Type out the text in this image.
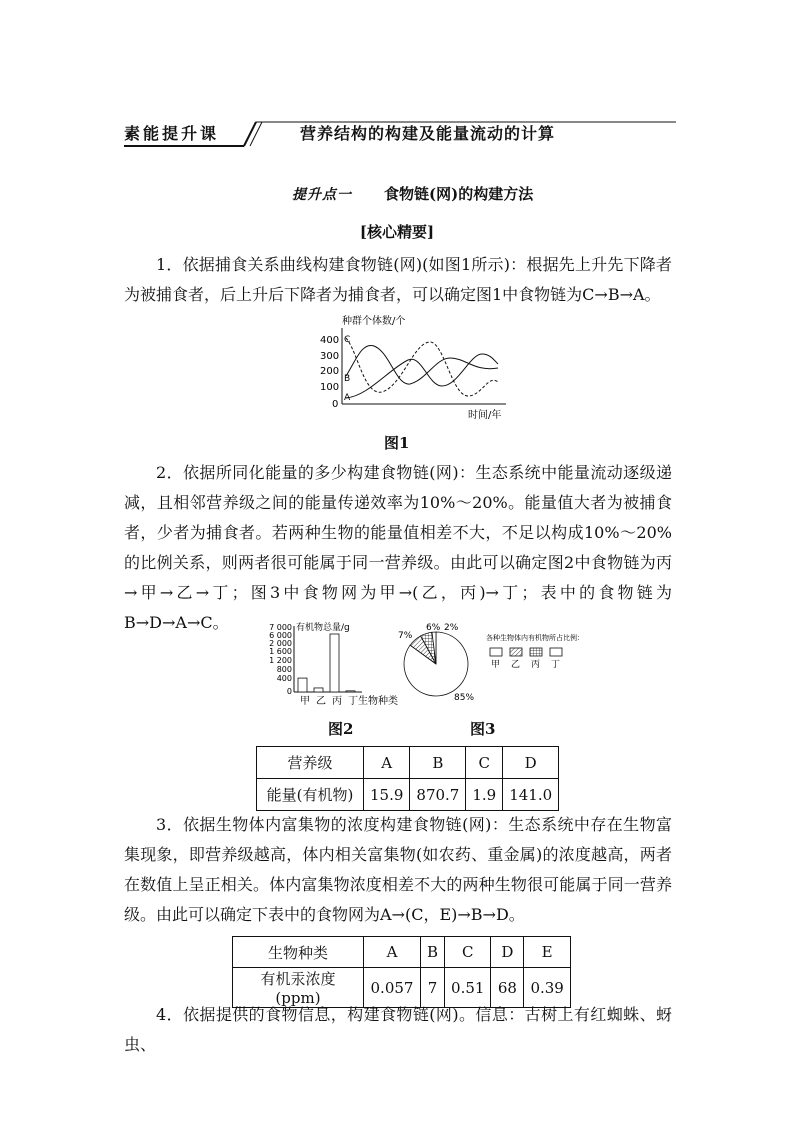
素能提升课	营养结构的构建及能量流动的计算
提升点一 食物链(网)的构建方法
[核心精要]

1．依据捕食关系曲线构建食物链(网)(如图1所示)：根据先上升先下降者为被捕食者，后上升后下降者为捕食者，可以确定图1中食物链为C→B→A。

种群个体数/个
400
300
200
100
0
C
B
A
时间/年
图1

2．依据所同化能量的多少构建食物链(网)：生态系统中能量流动逐级递减，且相邻营养级之间的能量传递效率为10%～20%。能量值大者为被捕食者，少者为捕食者。若两种生物的能量值相差不大，不足以构成10%～20%的比例关系，则两者很可能属于同一营养级。由此可以确定图2中食物链为丙→甲→乙→丁；图3中食物网为甲→(乙，丙)→丁；表中的食物链为B→D→A→C。	有机物总量/g
7 000
6 000
2 000
1 600
1 200
800
400
0
甲 乙 丙 丁 生物种类
图2
7%
6% 2%
85%
各种生物体内有机物所占比例：
甲 乙 丙 丁
图3
营养级	A	B	C	D
能量(有机物)	15.9	870.7	1.9	141.0

3．依据生物体内富集物的浓度构建食物链(网)：生态系统中存在生物富集现象，即营养级越高，体内相关富集物(如农药、重金属)的浓度越高，两者在数值上呈正相关。体内富集物浓度相差不大的两种生物很可能属于同一营养级。 由此可以确定下表中的食物网为A→(C，E)→B→D。

生物种类	A	B	C	D	E
有机汞浓度(ppm)	0.057	7	0.51	68	0.39

4．依据提供的食物信息，构建食物链(网)。信息：古树上有红蜘蛛、蚜虫、
